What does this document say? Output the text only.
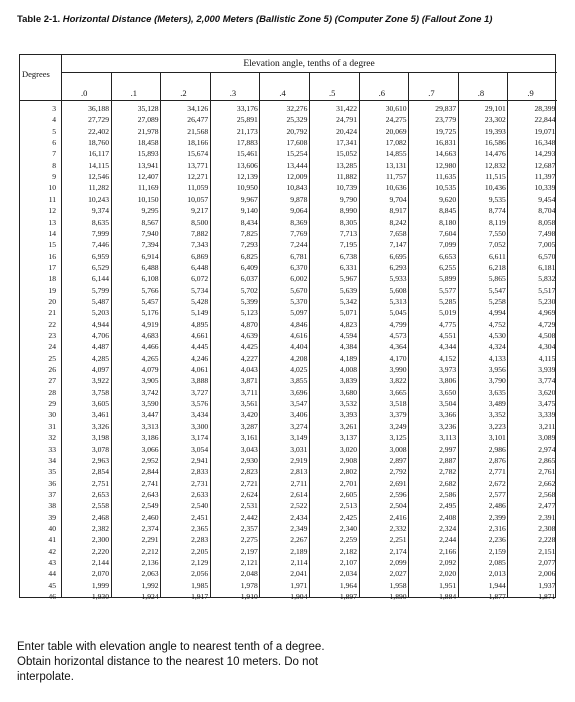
Table 2-1. Horizontal Distance (Meters), 2,000 Meters (Ballistic Zone 5) (Computer Zone 5) (Fallout Zone 1)
Degrees
Elevation angle, tenths of a degree
.0	.1	.2	.3	.4	.5	.6	.7	.8	.9
3	36,188	35,128	34,126	33,176	32,276	31,422	30,610	29,837	29,101	28,399
4	27,729	27,089	26,477	25,891	25,329	24,791	24,275	23,779	23,302	22,844
5	22,402	21,978	21,568	21,173	20,792	20,424	20,069	19,725	19,393	19,071
6	18,760	18,458	18,166	17,883	17,608	17,341	17,082	16,831	16,586	16,348
7	16,117	15,893	15,674	15,461	15,254	15,052	14,855	14,663	14,476	14,293
8	14,115	13,941	13,771	13,606	13,444	13,285	13,131	12,980	12,832	12,687
9	12,546	12,407	12,271	12,139	12,009	11,882	11,757	11,635	11,515	11,397
10	11,282	11,169	11,059	10,950	10,843	10,739	10,636	10,535	10,436	10,339
11	10,243	10,150	10,057	9,967	9,878	9,790	9,704	9,620	9,535	9,454
12	9,374	9,295	9,217	9,140	9,064	8,990	8,917	8,845	8,774	8,704
13	8,635	8,567	8,500	8,434	8,369	8,305	8,242	8,180	8,119	8,058
14	7,999	7,940	7,882	7,825	7,769	7,713	7,658	7,604	7,550	7,498
15	7,446	7,394	7,343	7,293	7,244	7,195	7,147	7,099	7,052	7,005
16	6,959	6,914	6,869	6,825	6,781	6,738	6,695	6,653	6,611	6,570
17	6,529	6,488	6,448	6,409	6,370	6,331	6,293	6,255	6,218	6,181
18	6,144	6,108	6,072	6,037	6,002	5,967	5,933	5,899	5,865	5,832
19	5,799	5,766	5,734	5,702	5,670	5,639	5,608	5,577	5,547	5,517
20	5,487	5,457	5,428	5,399	5,370	5,342	5,313	5,285	5,258	5,230
21	5,203	5,176	5,149	5,123	5,097	5,071	5,045	5,019	4,994	4,969
22	4,944	4,919	4,895	4,870	4,846	4,823	4,799	4,775	4,752	4,729
23	4,706	4,683	4,661	4,639	4,616	4,594	4,573	4,551	4,530	4,508
24	4,487	4,466	4,445	4,425	4,404	4,384	4,364	4,344	4,324	4,304
25	4,285	4,265	4,246	4,227	4,208	4,189	4,170	4,152	4,133	4,115
26	4,097	4,079	4,061	4,043	4,025	4,008	3,990	3,973	3,956	3,939
27	3,922	3,905	3,888	3,871	3,855	3,839	3,822	3,806	3,790	3,774
28	3,758	3,742	3,727	3,711	3,696	3,680	3,665	3,650	3,635	3,620
29	3,605	3,590	3,576	3,561	3,547	3,532	3,518	3,504	3,489	3,475
30	3,461	3,447	3,434	3,420	3,406	3,393	3,379	3,366	3,352	3,339
31	3,326	3,313	3,300	3,287	3,274	3,261	3,249	3,236	3,223	3,211
32	3,198	3,186	3,174	3,161	3,149	3,137	3,125	3,113	3,101	3,089
33	3,078	3,066	3,054	3,043	3,031	3,020	3,008	2,997	2,986	2,974
34	2,963	2,952	2,941	2,930	2,919	2,908	2,897	2,887	2,876	2,865
35	2,854	2,844	2,833	2,823	2,813	2,802	2,792	2,782	2,771	2,761
36	2,751	2,741	2,731	2,721	2,711	2,701	2,691	2,682	2,672	2,662
37	2,653	2,643	2,633	2,624	2,614	2,605	2,596	2,586	2,577	2,568
38	2,558	2,549	2,540	2,531	2,522	2,513	2,504	2,495	2,486	2,477
39	2,468	2,460	2,451	2,442	2,434	2,425	2,416	2,408	2,399	2,391
40	2,382	2,374	2,365	2,357	2,349	2,340	2,332	2,324	2,316	2,308
41	2,300	2,291	2,283	2,275	2,267	2,259	2,251	2,244	2,236	2,228
42	2,220	2,212	2,205	2,197	2,189	2,182	2,174	2,166	2,159	2,151
43	2,144	2,136	2,129	2,121	2,114	2,107	2,099	2,092	2,085	2,077
44	2,070	2,063	2,056	2,048	2,041	2,034	2,027	2,020	2,013	2,006
45	1,999	1,992	1,985	1,978	1,971	1,964	1,958	1,951	1,944	1,937
46	1,930	1,924	1,917	1,910	1,904	1,897	1,890	1,884	1,877	1,871
Enter table with elevation angle to nearest tenth of a degree. Obtain horizontal distance to the nearest 10 meters. Do not interpolate.
